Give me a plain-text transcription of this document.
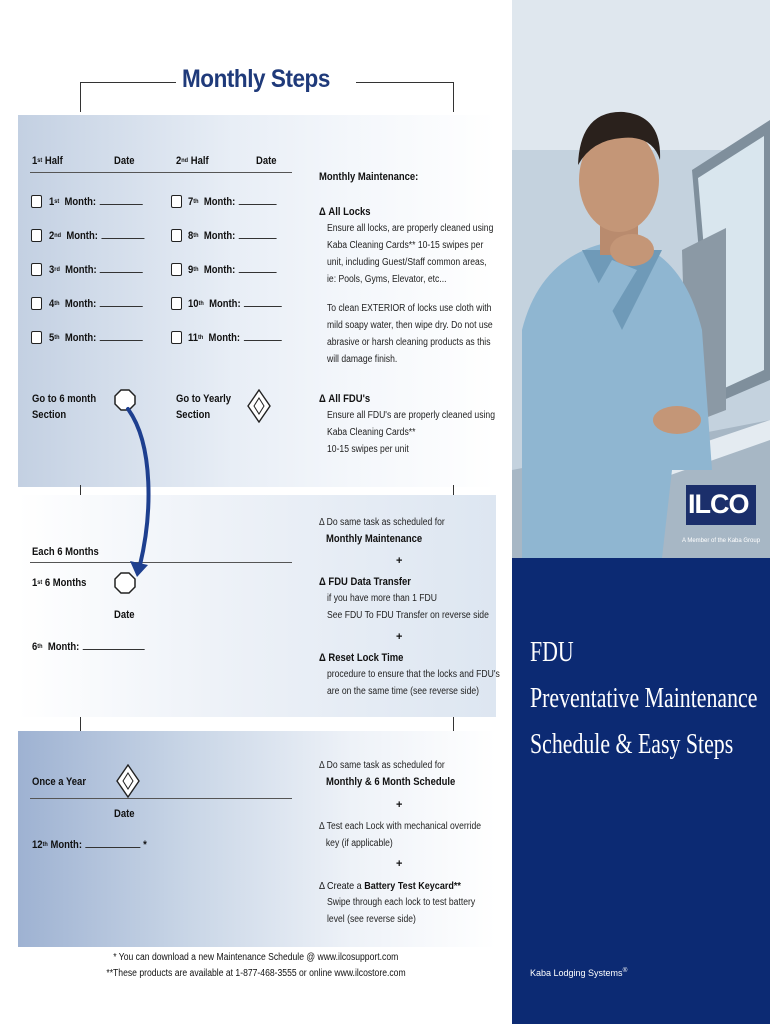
Monthly Steps
ILCO
A Member of the Kaba Group
FDU
Preventative Maintenance
Schedule & Easy Steps
Kaba Lodging Systems®
1st Half	Date	2nd Half	Date
1st Month:
2nd Month:
3rd Month:
4th Month:
5th Month:
7th Month:
8th Month:
9th Month:
10th Month:
11th Month:
Go to 6 month
Section
Go to Yearly
Section
Monthly Maintenance:
Δ All Locks
Ensure all locks, are properly cleaned using
Kaba Cleaning Cards** 10-15 swipes per
unit, including Guest/Staff common areas,
ie: Pools, Gyms, Elevator, etc...
To clean EXTERIOR of locks use cloth with
mild soapy water, then wipe dry. Do not use
abrasive or harsh cleaning products as this
will damage finish.
Δ All FDU's
Ensure all FDU's are properly cleaned using
Kaba Cleaning Cards**
10-15 swipes per unit
Each 6 Months
1st 6 Months
Date
6th Month:
Δ Do same task as scheduled for
Monthly Maintenance
+
Δ FDU Data Transfer
if you have more than 1 FDU
See FDU To FDU Transfer on reverse side
+
Δ Reset Lock Time
procedure to ensure that the locks and FDU's
are on the same time (see reverse side)
Once a Year
Date
12th Month:	*
Δ Do same task as scheduled for
Monthly & 6 Month Schedule
+
Δ Test each Lock with mechanical override
key (if applicable)
+
Δ Create a Battery Test Keycard**
Swipe through each lock to test battery
level (see reverse side)
* You can download a new Maintenance Schedule @ www.ilcosupport.com
**These products are available at 1-877-468-3555 or online www.ilcostore.com
